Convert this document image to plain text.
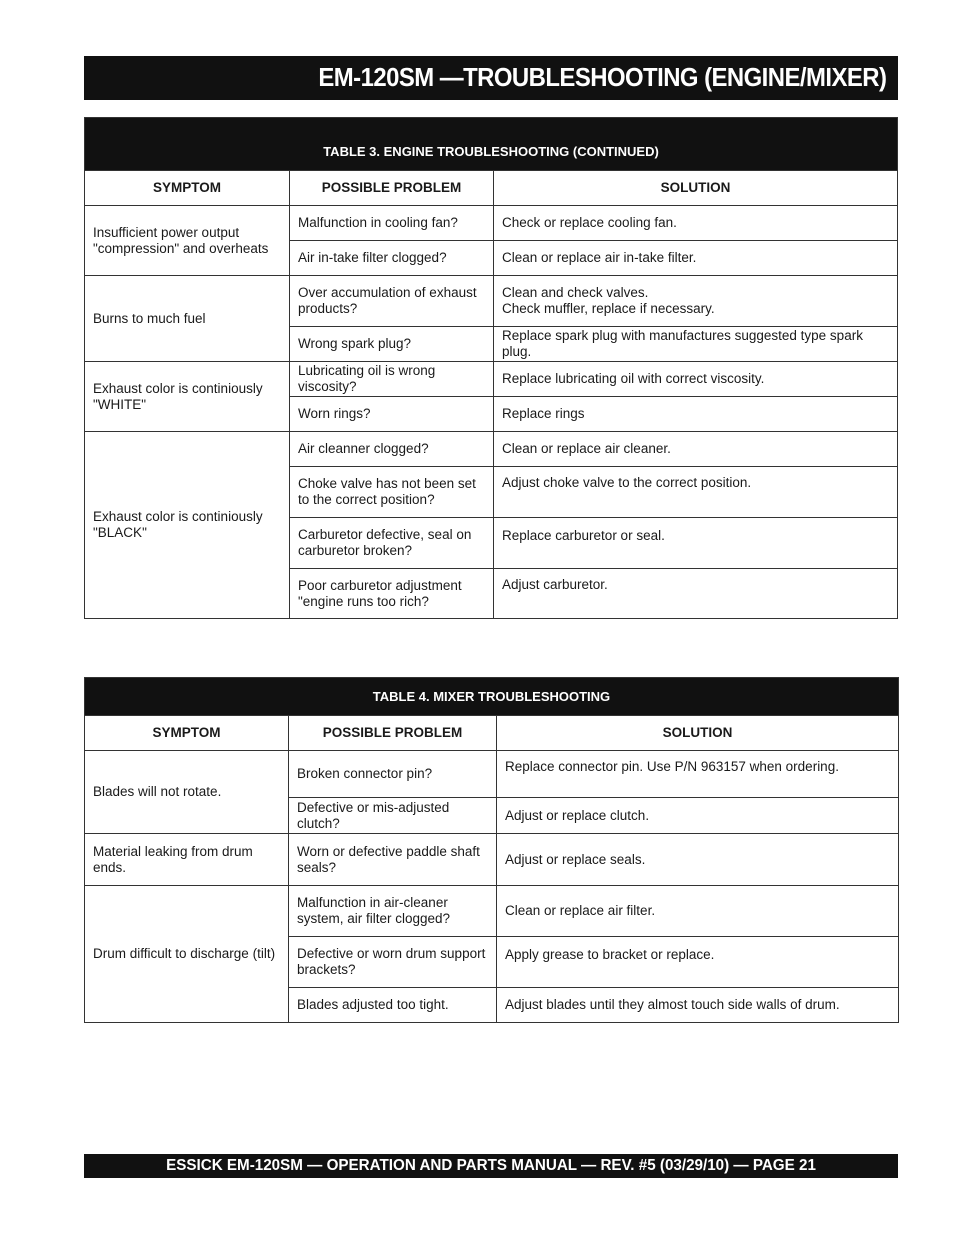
EM-120SM —TROUBLESHOOTING (ENGINE/MIXER)
TABLE 3. ENGINE TROUBLESHOOTING (CONTINUED)		
SYMPTOM	POSSIBLE PROBLEM	SOLUTION
Insufficient power output
"compression" and overheats	Malfunction in cooling fan?	Check or replace cooling fan.
	Air in-take filter clogged?	Clean or replace air in-take filter.
Burns to much fuel	Over accumulation of exhaust products?	Clean and check valves.
Check muffler, replace if necessary.
	Wrong spark plug?	Replace spark plug with manufactures suggested type spark plug.
Exhaust color is continiously "WHITE"	Lubricating oil is wrong viscosity?	Replace lubricating oil with correct viscosity.
	Worn rings?	Replace rings
Exhaust color is continiously "BLACK"	Air cleanner clogged?	Clean or replace air cleaner.
	Choke valve has not been set to the correct position?	Adjust choke valve to the correct position.
	Carburetor defective, seal on carburetor broken?	Replace carburetor or seal.
	Poor carburetor adjustment "engine runs too rich?	Adjust carburetor.
TABLE 4. MIXER TROUBLESHOOTING		
SYMPTOM	POSSIBLE PROBLEM	SOLUTION
Blades will not rotate.	Broken connector pin?	Replace connector pin. Use P/N 963157 when ordering.
	Defective or mis-adjusted clutch?	Adjust or replace clutch.
Material leaking from drum ends.	Worn or defective paddle shaft seals?	Adjust or replace seals.
Drum difficult to discharge (tilt)	Malfunction in air-cleaner system, air filter clogged?	Clean or replace air filter.
	Defective or worn drum support brackets?	Apply grease to bracket or replace.
	Blades adjusted too tight.	Adjust blades until they almost touch side walls of drum.
ESSICK EM-120SM — OPERATION AND PARTS MANUAL — REV. #5 (03/29/10) — PAGE 21
